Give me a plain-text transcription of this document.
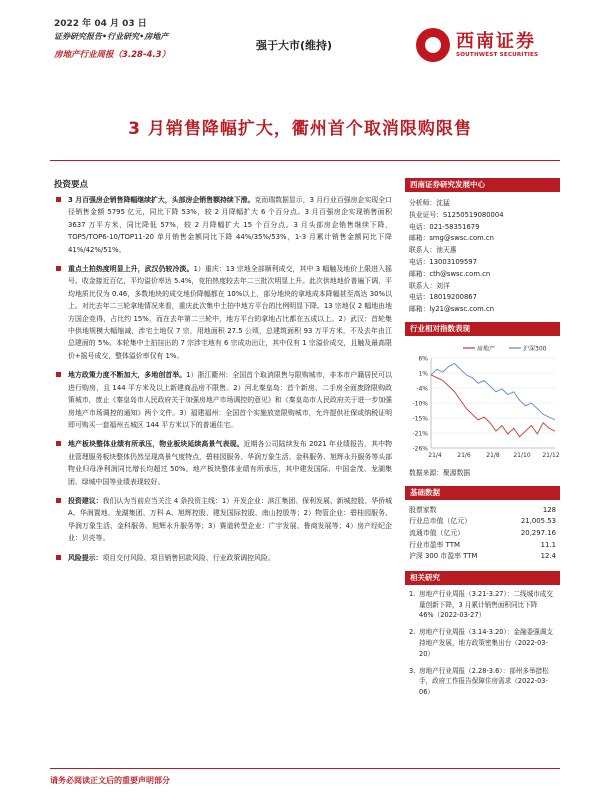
2022 年 04 月 03 日
证券研究报告•行业研究•房地产
房地产行业周报（3.28-4.3）
强于大市(维持)	西南证券
SOUTHWEST SECURITIES
3 月销售降幅扩大，衢州首个取消限购限售
投资要点
3 月百强房企销售降幅继续扩大，头部房企销售额持续下滑。克而瑞数据显示，3 月行业百强房企实现全口径销售金额 5795 亿元，同比下降 53%，较 2 月降幅扩大 6 个百分点。3 月百强房企实现销售面积 3637 万平方米，同比降低 57%，较 2 月降幅扩大 15 个百分点。3 月头部房企销售继续下降，TOP5/TOP6-10/TOP11-20 单月销售金额同比下降 44%/35%/53%，1-3 月累计销售金额同比下降 41%/42%/51%。
重点土拍热度明显上升，武汉仍较冷淡。1）重庆：13 宗地全部顺利成交，其中 3 幅触及地价上限进入摇号。收金接近百亿，平均溢价率达 5.4%，竞拍热度较去年二三批次明显上升。此次供地地价普遍下调，平均地质比仅为 0.46，多数地块的成交地价降幅都在 10%以上，部分地块的拿地成本降幅甚至高达 30%以上。对比去年二三轮拿地情况来看，重庆此次集中土拍中地方平台的比例明显下降。13 宗地仅 2 幅地由地方国企竞得，占比约 15%，而在去年第二三轮中，地方平台的拿地占比都在五成以上。2）武汉：首轮集中供地规模大幅缩减，涉宅土地仅 7 宗，用地面积 27.5 公顷，总建筑面积 93 万平方米，不及去年由江总建面的 5%。本轮集中土拍挂出的 7 宗涉宅地有 6 宗成功出让，其中仅有 1 宗溢价成交，且触及最高限价+摇号成交，整体溢价率仅有 1%。
地方政策力度不断加大，多地创首举。1）浙江衢州：全国首个取消限售与限购城市，非本市户籍居民可以进行购房，且 144 平方米及以上新建商品房不限售。2）河北秦皇岛：首个新房、二手房全面废除限购政策城市，废止《秦皇岛市人民政府关于加强房地产市场调控的意见》和《秦皇岛市人民政府关于进一步加强房地产市场调控的通知》两个文件。3）福建福州：全国首个实施放宽限购城市，允许提供社保或纳税证明即可购买一套福州五城区 144 平方米以下的普通住宅。
地产板块整体业绩有所承压，物业板块延续高景气表现。近期各公司陆续发布 2021 年业绩报告，其中物业管理服务板块整体仍然呈现高景气度特点，碧桂园服务、华润万象生活、金科服务、旭辉永升服务等头部物业归母净利润同比增长均超过 50%。地产板块整体业绩有所承压，其中建发国际、中国金茂、龙湖集团、绿城中国等业绩表现较好。
投资建议：我们认为当前应当关注 4 条投资主线：1）开发企业：滨江集团、保利发展、新城控股、华侨城 A、华润置地、龙湖集团、万科 A、旭辉控股、建发国际控股、南山控股等；2）物管企业：碧桂园服务、华润万象生活、金科服务、旭辉永升服务等；3）赛道转型企业：广宇发展、鲁商发展等；4）房产经纪企业：贝壳等。
风险提示：项目交付风险、项目销售回款风险、行业政策调控风险。
西南证券研究发展中心
分析师：沈猛
执业证号：S1250519080004
电话：021-58351679
邮箱：smg@swsc.com.cn
联系人：池天惠
电话：13003109597
邮箱：cth@swsc.com.cn
联系人：刘洋
电话：18019200867
邮箱：ly21@swsc.com.cn
行业相对指数表现
6%
1%
-4%
-10%
-15%
-21%
-26%
21/4	21/6	21/8 21/10 21/12
房地产	沪深300
数据来源：聚源数据
基础数据
股票家数	128
行业总市值（亿元）	21,005.53
流通市值（亿元）	20,297.16
行业市盈率 TTM	11.1
沪深 300 市盈率 TTM	12.4
相关研究
1. 房地产行业周报（3.21-3.27）：二线城市成交量创新下降，3 月累计销售面积同比下降 46%（2022-03-27）
2. 房地产行业周报（3.14-3.20）：金融委强调支持地产发展，地方政策密集出台（2022-03-20）
3. 房地产行业周报（2.28-3.6）：部州多举措松手，政府工作报告保障住房需求（2022-03-06）
请务必阅读正文后的重要声明部分
